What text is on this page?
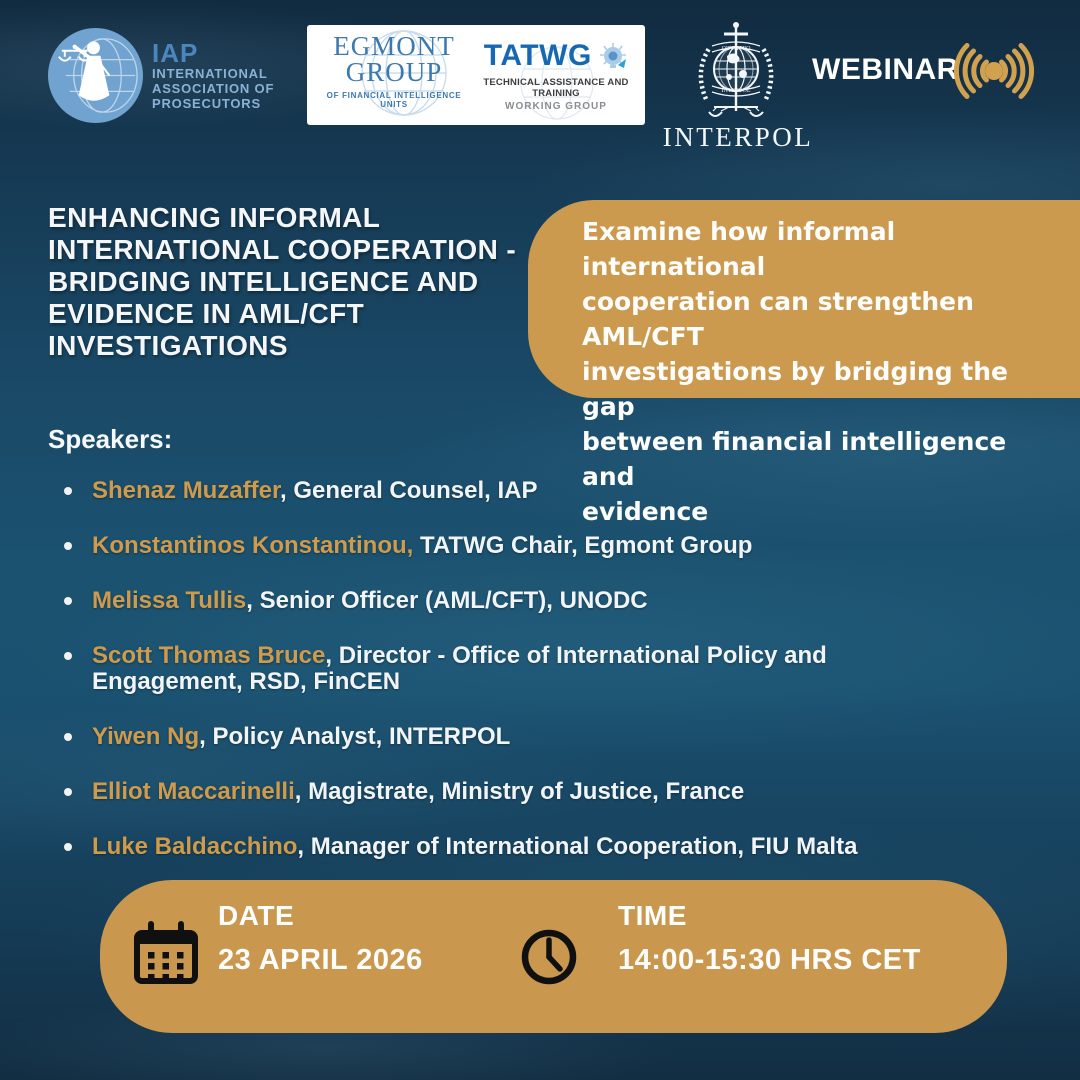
IAP
INTERNATIONAL
ASSOCIATION OF
PROSECUTORS
EGMONT
GROUP
OF FINANCIAL INTELLIGENCE UNITS
TATWG
TECHNICAL ASSISTANCE AND TRAINING
WORKING GROUP
OIPC ICPO
INTERPOL
INTERPOL
WEBINAR
ENHANCING INFORMAL
INTERNATIONAL COOPERATION -
BRIDGING INTELLIGENCE AND
EVIDENCE IN AML/CFT
INVESTIGATIONS
Examine how informal international
cooperation can strengthen AML/CFT
investigations by bridging the gap
between financial intelligence and
evidence
Speakers:
Shenaz Muzaffer, General Counsel, IAP
Konstantinos Konstantinou, TATWG Chair, Egmont Group
Melissa Tullis, Senior Officer (AML/CFT), UNODC
Scott Thomas Bruce, Director - Office of International Policy and Engagement, RSD, FinCEN
Yiwen Ng, Policy Analyst, INTERPOL
Elliot Maccarinelli, Magistrate, Ministry of Justice, France
Luke Baldacchino, Manager of International Cooperation, FIU Malta
DATE
23 APRIL 2026
TIME
14:00-15:30 HRS CET
